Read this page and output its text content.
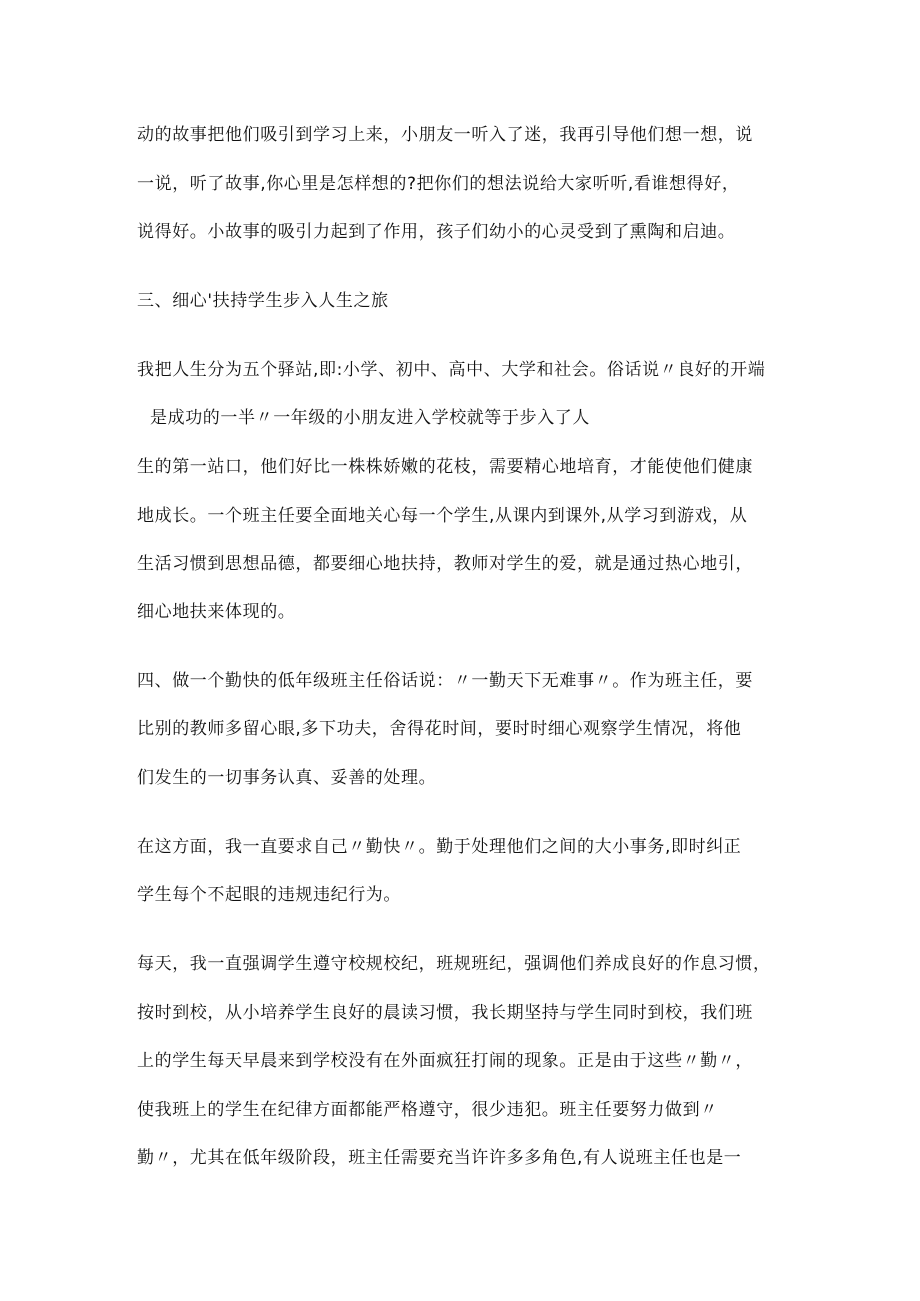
动的故事把他们吸引到学习上来，小朋友一听入了迷，我再引导他们想一想，说
一说，听了故事,你心里是怎样想的?把你们的想法说给大家听听,看谁想得好，
说得好。小故事的吸引力起到了作用，孩子们幼小的心灵受到了熏陶和启迪。
三、细心'扶持学生步入人生之旅
我把人生分为五个驿站,即:小学、初中、高中、大学和社会。俗话说〃良好的开端
是成功的一半〃一年级的小朋友进入学校就等于步入了人
生的第一站口，他们好比一株株娇嫩的花枝，需要精心地培育，才能使他们健康
地成长。一个班主任要全面地关心每一个学生,从课内到课外,从学习到游戏，从
生活习惯到思想品德，都要细心地扶持，教师对学生的爱，就是通过热心地引，
细心地扶来体现的。
四、做一个勤快的低年级班主任俗话说：〃一勤天下无难事〃。作为班主任，要
比别的教师多留心眼,多下功夫，舍得花时间，要时时细心观察学生情况，将他
们发生的一切事务认真、妥善的处理。
在这方面，我一直要求自己〃勤快〃。勤于处理他们之间的大小事务,即时纠正
学生每个不起眼的违规违纪行为。
每天，我一直强调学生遵守校规校纪，班规班纪，强调他们养成良好的作息习惯，
按时到校，从小培养学生良好的晨读习惯，我长期坚持与学生同时到校，我们班
上的学生每天早晨来到学校没有在外面疯狂打闹的现象。正是由于这些〃勤〃，
使我班上的学生在纪律方面都能严格遵守，很少违犯。班主任要努力做到〃
勤〃，尤其在低年级阶段，班主任需要充当许许多多角色,有人说班主任也是一
